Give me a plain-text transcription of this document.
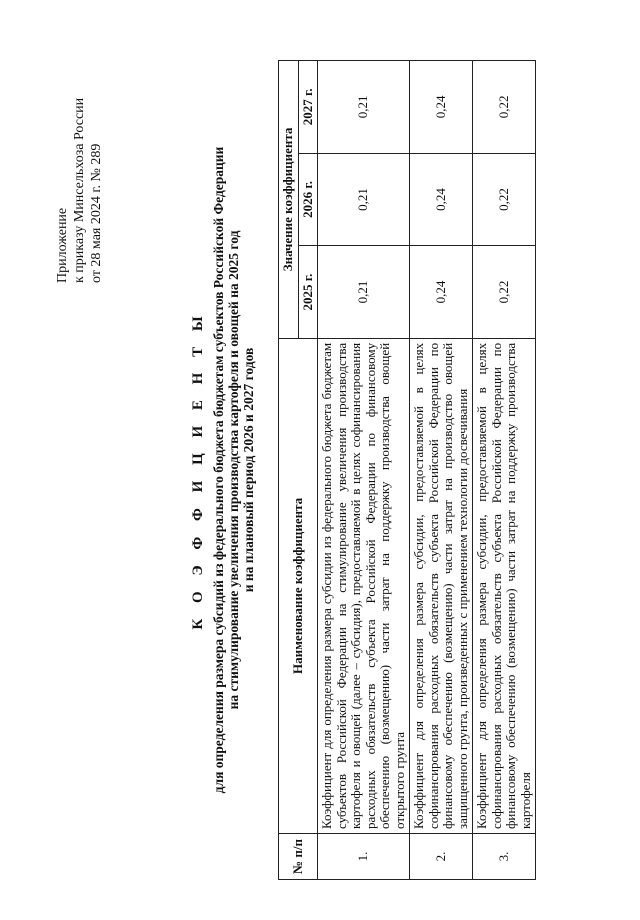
Приложение к приказу Минсельхоза России от 28 мая 2024 г. № 289
К О Э Ф Ф И Ц И Е Н Т Ы для определения размера субсидий из федерального бюджета бюджетам субъектов Российской Федерации на стимулирование увеличения производства картофеля и овощей на 2025 год и на плановый период 2026 и 2027 годов
№ п/п	Наименование коэффициента	Значение коэффициента		
		2025 г.	2026 г.	2027 г.
1.	Коэффициент для определения размера субсидии из федерального бюджета бюджетам субъектов Российской Федерации на стимулирование увеличения производства картофеля и овощей (далее – субсидия), предоставляемой в целях софинансирования расходных обязательств субъекта Российской Федерации по финансовому обеспечению (возмещению) части затрат на поддержку производства овощей открытого грунта	0,21	0,21	0,21
2.	Коэффициент для определения размера субсидии, предоставляемой в целях софинансирования расходных обязательств субъекта Российской Федерации по финансовому обеспечению (возмещению) части затрат на производство овощей защищенного грунта, произведенных с применением технологии досвечивания	0,24	0,24	0,24
3.	Коэффициент для определения размера субсидии, предоставляемой в целях софинансирования расходных обязательств субъекта Российской Федерации по финансовому обеспечению (возмещению) части затрат на поддержку производства картофеля	0,22	0,22	0,22
